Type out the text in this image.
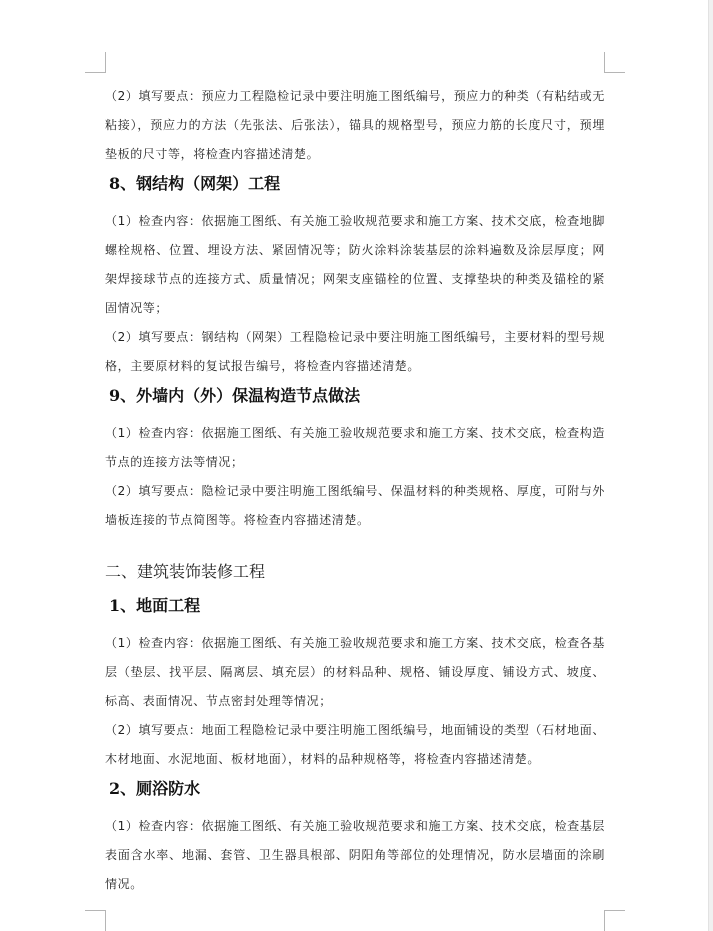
（2）填写要点：预应力工程隐检记录中要注明施工图纸编号，预应力的种类（有粘结或无粘接），预应力的方法（先张法、后张法），锚具的规格型号，预应力筋的长度尺寸，预埋垫板的尺寸等，将检查内容描述清楚。

8、钢结构（网架）工程

（1）检查内容：依据施工图纸、有关施工验收规范要求和施工方案、技术交底，检查地脚螺栓规格、位置、埋设方法、紧固情况等；防火涂料涂装基层的涂料遍数及涂层厚度；网架焊接球节点的连接方式、质量情况；网架支座锚栓的位置、支撑垫块的种类及锚栓的紧固情况等；

（2）填写要点：钢结构（网架）工程隐检记录中要注明施工图纸编号，主要材料的型号规格，主要原材料的复试报告编号，将检查内容描述清楚。

9、外墙内（外）保温构造节点做法

（1）检查内容：依据施工图纸、有关施工验收规范要求和施工方案、技术交底，检查构造节点的连接方法等情况；

（2）填写要点：隐检记录中要注明施工图纸编号、保温材料的种类规格、厚度，可附与外墙板连接的节点简图等。将检查内容描述清楚。

二、建筑装饰装修工程
1、地面工程

（1）检查内容：依据施工图纸、有关施工验收规范要求和施工方案、技术交底，检查各基层（垫层、找平层、隔离层、填充层）的材料品种、规格、铺设厚度、铺设方式、坡度、标高、表面情况、节点密封处理等情况；

（2）填写要点：地面工程隐检记录中要注明施工图纸编号，地面铺设的类型（石材地面、木材地面、水泥地面、板材地面），材料的品种规格等，将检查内容描述清楚。

2、厕浴防水

（1）检查内容：依据施工图纸、有关施工验收规范要求和施工方案、技术交底，检查基层表面含水率、地漏、套管、卫生器具根部、阴阳角等部位的处理情况，防水层墙面的涂刷情况。
